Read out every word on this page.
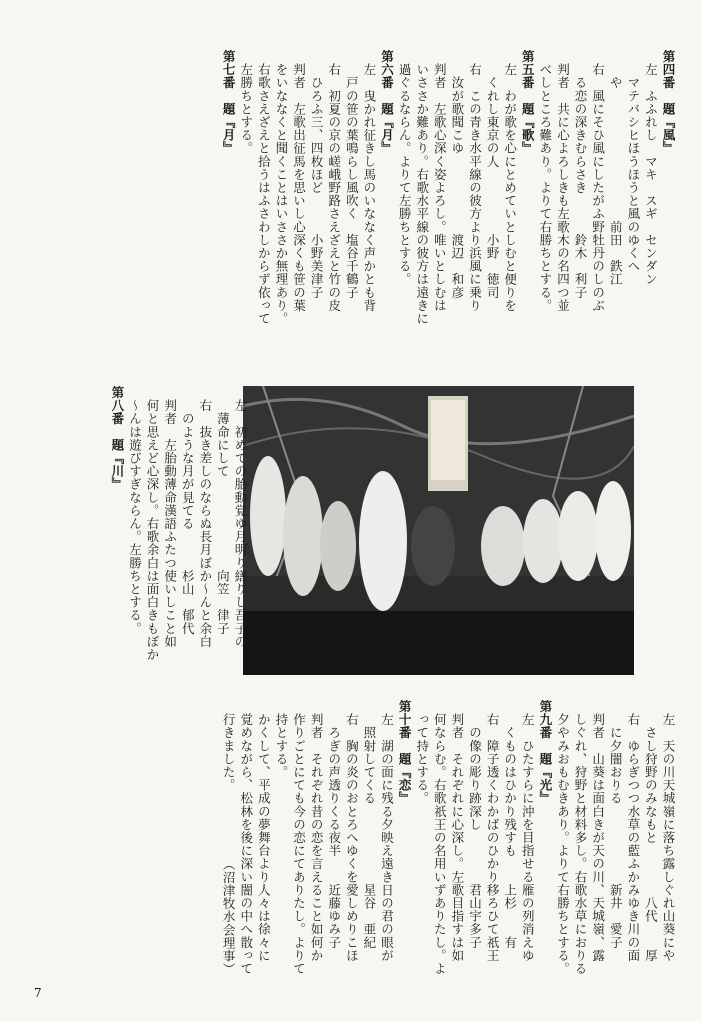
第四番　題『風』
　左　ふふれし　マキ　スギ　センダン
　　マテバシヒほうほうと風のゆくへ
　　や　　　　　　　　　　前田　鉄江
　右　風にそひ風にしたがふ野牡丹のしのぶ
　　る恋の深きむらさき　　　鈴木　利子
　判者　共に心よろしきも左歌木の名四つ並
　べしところ難あり。よりて右勝ちとする。
第五番　題『歌』
　左　わが歌を心にとめていとしむと便りを
　　くれし東京の人　　　　　小野　徳司
　右　この青き水平線の彼方より浜風に乗り
　　汝が歌聞こゆ　　　　　　渡辺　和彦
　判者　左歌心深く姿よろし。唯いとしむは
　いささか難あり。右歌水平線の彼方は遠きに
　過ぐるならん。よりて左勝ちとする。
第六番　題『月』
　左　曳かれ征きし馬のいななく声かとも背
　　戸の笹の葉鳴らし風吹く　塩谷千鶴子
　右　初夏の京の嵯峨野路さえざえと竹の皮
　　ひろふ三、四枚ほど　　　小野美津子
　判者　左歌出征馬を思いし心深くも笹の葉
　をいななくと聞くことはいささか無理あり。
　右歌さえざえと拾うはふさわしからず依って
　左勝ちとする。
第七番　題『月』
　左　初めての胎動覚ゆ月明り繕りし吾子の
　　薄命にして　　　　　　　向笠　律子
　右　抜き差しのならぬ長月ぼか～んと余白
　　のような月が見てる　　　杉山　郁代
　判者　左胎動薄命漢語ふたつ使いしこと如
　何と思えど心深し。右歌余白は面白きもぼか
　～んは遊びすぎならん。左勝ちとする。
第八番　題『川』
　左　天の川天城嶺に落ち露しぐれ山葵にや
　　さし狩野のみなもと　　　　八代　　厚
　右　ゆらぎつつ水草の藍ふかみゆき川の面
　　に夕闇おりる　　　　　　新井　愛子
　判者　山葵は面白きが天の川、天城嶺、露
　しぐれ、狩野と材料多し。右歌水草におりる
　夕やみおもむきあり。よりて右勝ちとする。
第九番　題『光』
　左　ひたすらに沖を目指せる雁の列消えゆ
　　くものはひかり残すも　　上杉　　有
　右　障子透くわかばのひかり移ろひて祇王
　　の像の彫り跡深し　　　　君山宇多子
　判者　それぞれに心深し。左歌目指すは如
　何ならむ。右歌祇王の名用いずありたし。よ
　って持とする。
第十番　題『恋』
　左　湖の面に残る夕映え遠き日の君の眼が
　　照射してくる　　　　　　星谷　亜紀
　右　胸の炎のおとろへゆくを愛しめりこほ
　　ろぎの声透りくる夜半　　近藤ゆみ子
　判者　それぞれ昔の恋を言えること如何か
　作りごとにても今の恋にてありたし。よりて
　持とする。
　かくして、平成の夢舞台より人々は徐々に
　覚めながら、松林を後に深い闇の中へ散って
　行きました。　　　　　　（沼津牧水会理事）
7
